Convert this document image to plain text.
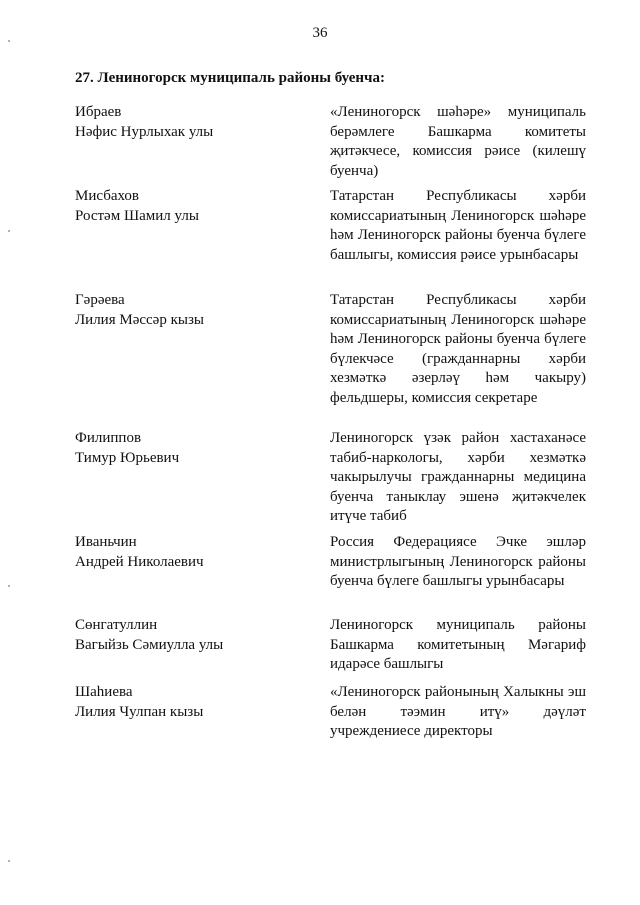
36
27. Лениногорск муниципаль районы буенча:
Ибраев
Нәфис Нурлыхак улы
«Лениногорск шәһәре» муниципаль берәмлеге Башкарма комитеты җитәкчесе, комиссия рәисе (килешү буенча)
Мисбахов
Ростәм Шамил улы
Татарстан Республикасы хәрби комиссариатының Лениногорск шәһәре һәм Лениногорск районы буенча бүлеге башлыгы, комиссия рәисе урынбасары
Гәрәева
Лилия Мәссәр кызы
Татарстан Республикасы хәрби комиссариатының Лениногорск шәһәре һәм Лениногорск районы буенча бүлеге бүлекчәсе (гражданнарны хәрби хезмәткә әзерләү һәм чакыру) фельдшеры, комиссия секретаре
Филиппов
Тимур Юрьевич
Лениногорск үзәк район хастаханәсе табиб-наркологы, хәрби хезмәткә чакырылучы гражданнарны медицина буенча таныклау эшенә җитәкчелек итүче табиб
Иваньчин
Андрей Николаевич
Россия Федерациясе Эчке эшләр министрлыгының Лениногорск районы буенча бүлеге башлыгы урынбасары
Сөнгатуллин
Вагыйзь Сәмиулла улы
Лениногорск муниципаль районы Башкарма комитетының Мәгариф идарәсе башлыгы
Шаһиева
Лилия Чулпан кызы
«Лениногорск районының Халыкны эш белән тәэмин итү» дәүләт учреждениесе директоры
